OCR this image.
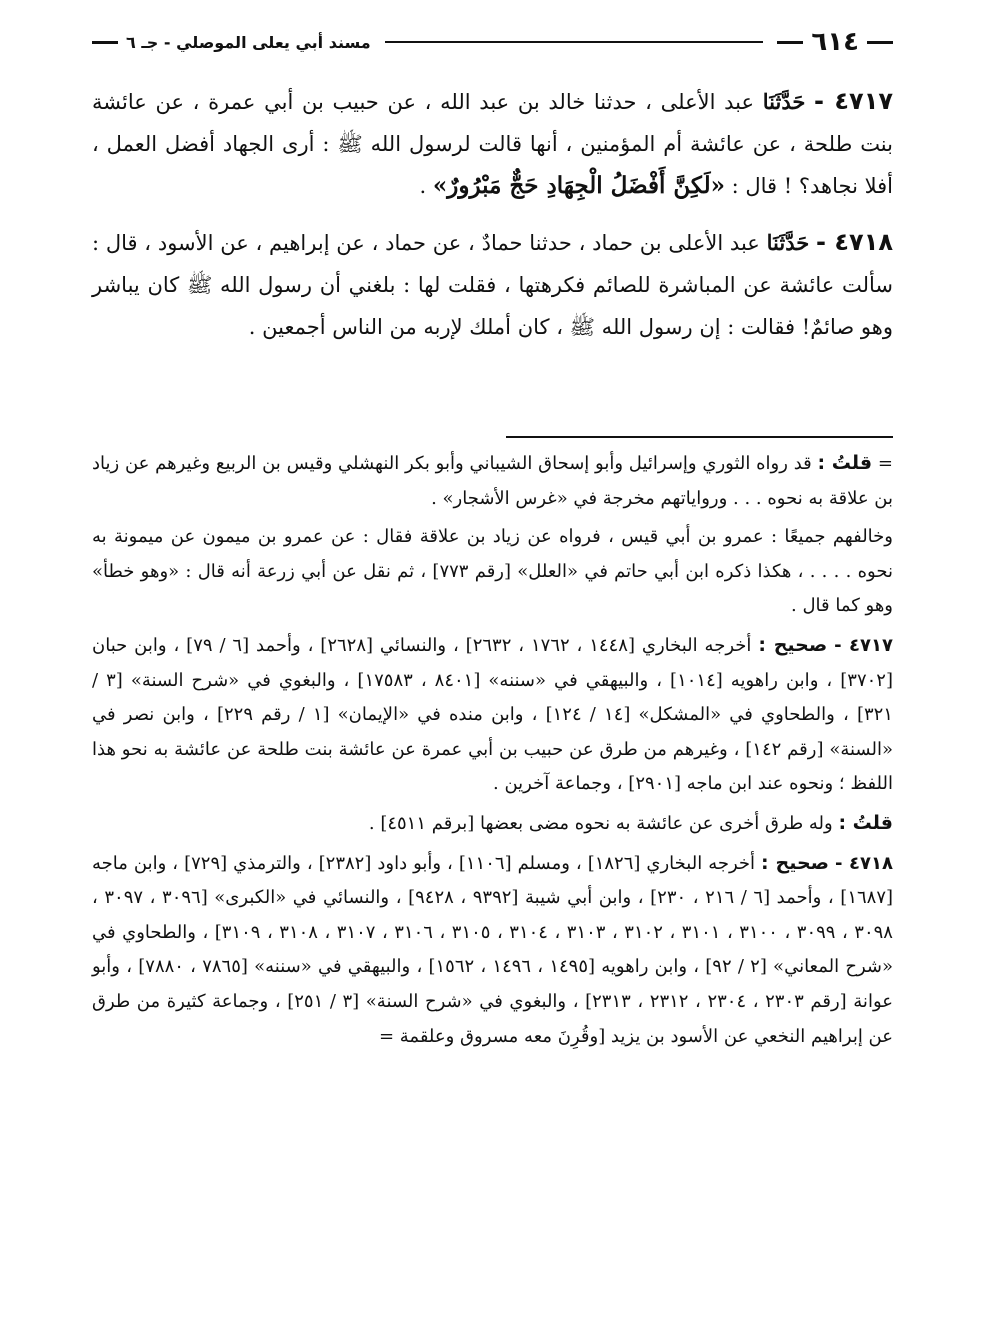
٦١٤
مسند أبي يعلى الموصلي - جـ ٦

٤٧١٧ - حَدَّثَنَا عبد الأعلى ، حدثنا خالد بن عبد الله ، عن حبيب بن أبي عمرة ، عن عائشة بنت طلحة ، عن عائشة أم المؤمنين ، أنها قالت لرسول الله ﷺ : أرى الجهاد أفضل العمل ، أفلا نجاهد؟ ! قال : «لَكِنَّ أَفْضَلُ الْجِهَادِ حَجٌّ مَبْرُورٌ» .

٤٧١٨ - حَدَّثَنَا عبد الأعلى بن حماد ، حدثنا حمادٌ ، عن حماد ، عن إبراهيم ، عن الأسود ، قال : سألت عائشة عن المباشرة للصائم فكرهتها ، فقلت لها : بلغني أن رسول الله ﷺ كان يباشر وهو صائمٌ! فقالت : إن رسول الله ﷺ ، كان أملك لإربه من الناس أجمعين .

= قلتُ : قد رواه الثوري وإسرائيل وأبو إسحاق الشيباني وأبو بكر النهشلي وقيس بن الربيع وغيرهم عن زياد بن علاقة به نحوه . . . ورواياتهم مخرجة في «غرس الأشجار» .

وخالفهم جميعًا : عمرو بن أبي قيس ، فرواه عن زياد بن علاقة فقال : عن عمرو بن ميمون عن ميمونة به نحوه . . . . ، هكذا ذكره ابن أبي حاتم في «العلل» [رقم ٧٧٣] ، ثم نقل عن أبي زرعة أنه قال : «وهو خطأ» وهو كما قال .

٤٧١٧ - صحيح : أخرجه البخاري [١٤٤٨ ، ١٧٦٢ ، ٢٦٣٢] ، والنسائي [٢٦٢٨] ، وأحمد [٦ / ٧٩] ، وابن حبان [٣٧٠٢] ، وابن راهويه [١٠١٤] ، والبيهقي في «سننه» [٨٤٠١ ، ١٧٥٨٣] ، والبغوي في «شرح السنة» [٣ / ٣٢١] ، والطحاوي في «المشكل» [١٤ / ١٢٤] ، وابن منده في «الإيمان» [١ / رقم ٢٢٩] ، وابن نصر في «السنة» [رقم ١٤٢] ، وغيرهم من طرق عن حبيب بن أبي عمرة عن عائشة بنت طلحة عن عائشة به نحو هذا اللفظ ؛ ونحوه عند ابن ماجه [٢٩٠١] ، وجماعة آخرين .

قلتُ : وله طرق أخرى عن عائشة به نحوه مضى بعضها [برقم ٤٥١١] .

٤٧١٨ - صحيح : أخرجه البخاري [١٨٢٦] ، ومسلم [١١٠٦] ، وأبو داود [٢٣٨٢] ، والترمذي [٧٢٩] ، وابن ماجه [١٦٨٧] ، وأحمد [٦ / ٢١٦ ، ٢٣٠] ، وابن أبي شيبة [٩٣٩٢ ، ٩٤٢٨] ، والنسائي في «الكبرى» [٣٠٩٦ ، ٣٠٩٧ ، ٣٠٩٨ ، ٣٠٩٩ ، ٣١٠٠ ، ٣١٠١ ، ٣١٠٢ ، ٣١٠٣ ، ٣١٠٤ ، ٣١٠٥ ، ٣١٠٦ ، ٣١٠٧ ، ٣١٠٨ ، ٣١٠٩] ، والطحاوي في «شرح المعاني» [٢ / ٩٢] ، وابن راهويه [١٤٩٥ ، ١٤٩٦ ، ١٥٦٢] ، والبيهقي في «سننه» [٧٨٦٥ ، ٧٨٨٠] ، وأبو عوانة [رقم ٢٣٠٣ ، ٢٣٠٤ ، ٢٣١٢ ، ٢٣١٣] ، والبغوي في «شرح السنة» [٣ / ٢٥١] ، وجماعة كثيرة من طرق عن إبراهيم النخعي عن الأسود بن يزيد [وقُرِنَ معه مسروق وعلقمة =
